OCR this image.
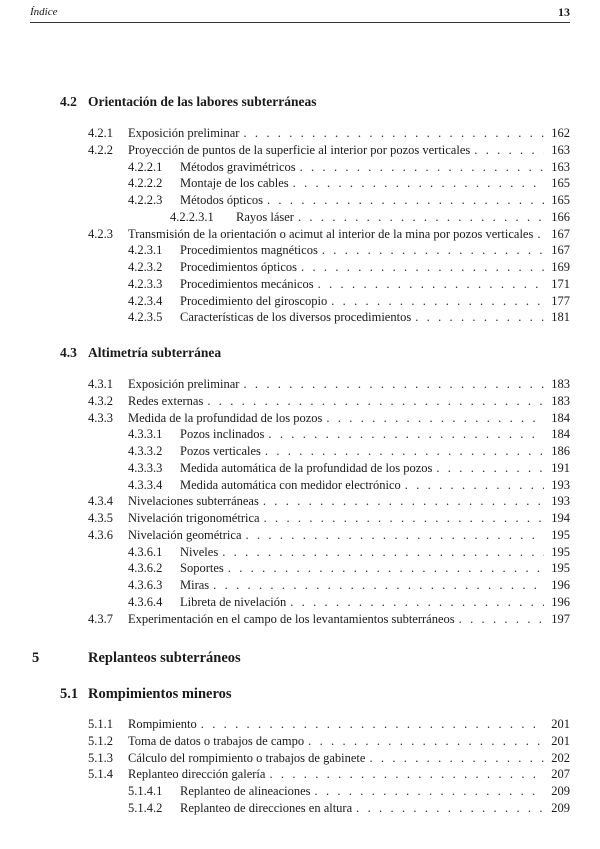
Índice	13
4.2 Orientación de las labores subterráneas
4.2.1	Exposición preliminar . . .	162
4.2.2	Proyección de puntos de la superficie al interior por pozos verticales . . .	163
4.2.2.1	Métodos gravimétricos . . .	163
4.2.2.2	Montaje de los cables . . .	165
4.2.2.3	Métodos ópticos . . .	165
4.2.2.3.1	Rayos láser . . .	166
4.2.3	Transmisión de la orientación o acimut al interior de la mina por pozos verticales . . .	167
4.2.3.1	Procedimientos magnéticos . . .	167
4.2.3.2	Procedimientos ópticos . . .	169
4.2.3.3	Procedimientos mecánicos . . .	171
4.2.3.4	Procedimiento del giroscopio . . .	177
4.2.3.5	Características de los diversos procedimientos . . .	181
4.3 Altimetría subterránea
4.3.1	Exposición preliminar . . .	183
4.3.2	Redes externas . . .	183
4.3.3	Medida de la profundidad de los pozos . . .	184
4.3.3.1	Pozos inclinados . . .	184
4.3.3.2	Pozos verticales . . .	186
4.3.3.3	Medida automática de la profundidad de los pozos . . .	191
4.3.3.4	Medida automática con medidor electrónico . . .	193
4.3.4	Nivelaciones subterráneas . . .	193
4.3.5	Nivelación trigonométrica . . .	194
4.3.6	Nivelación geométrica . . .	195
4.3.6.1	Niveles . . .	195
4.3.6.2	Soportes . . .	195
4.3.6.3	Miras . . .	196
4.3.6.4	Libreta de nivelación . . .	196
4.3.7	Experimentación en el campo de los levantamientos subterráneos . . .	197
5	Replanteos subterráneos
5.1 Rompimientos mineros
5.1.1	Rompimiento . . .	201
5.1.2	Toma de datos o trabajos de campo . . .	201
5.1.3	Cálculo del rompimiento o trabajos de gabinete . . .	202
5.1.4	Replanteo dirección galería . . .	207
5.1.4.1	Replanteo de alineaciones . . .	209
5.1.4.2	Replanteo de direcciones en altura . . .	209
